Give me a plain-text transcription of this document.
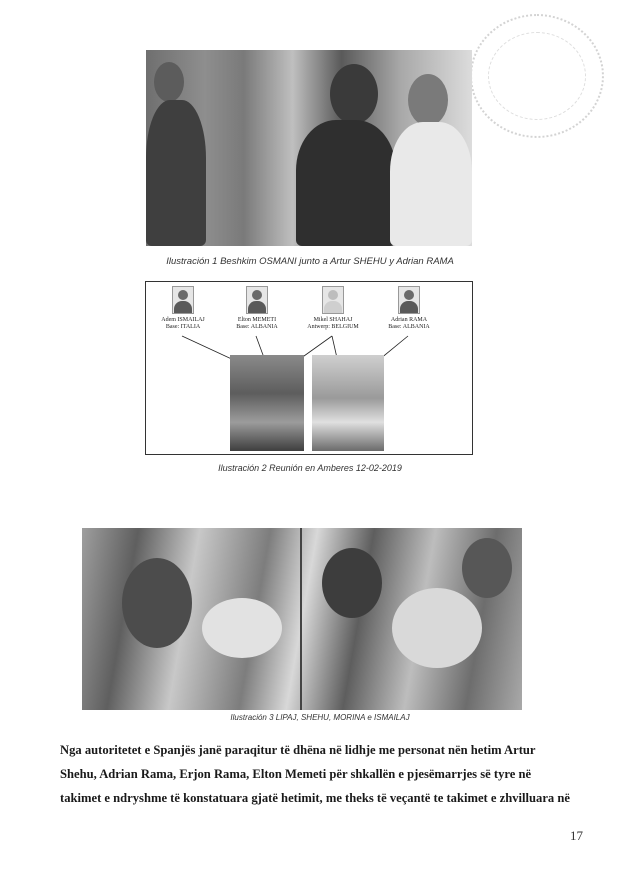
Ilustración 1 Beshkim OSMANI junto a Artur SHEHU y Adrian RAMA
Adem ISMAILAJ
Base: ITALIA
Elton MEMETI
Base: ALBANIA
Mikel SHAHAJ
Antwerp: BELGIUM
Adrian RAMA
Base: ALBANIA
Ilustración 2 Reunión en Amberes 12-02-2019
Ilustración 3 LIPAJ, SHEHU, MORINA e ISMAILAJ
Nga autoritetet e Spanjës janë paraqitur të dhëna në lidhje me personat nën hetim Artur
Shehu, Adrian Rama, Erjon Rama, Elton Memeti për shkallën e pjesëmarrjes së tyre në
takimet e ndryshme të konstatuara gjatë hetimit, me theks të veçantë te takimet e zhvilluara në
17
